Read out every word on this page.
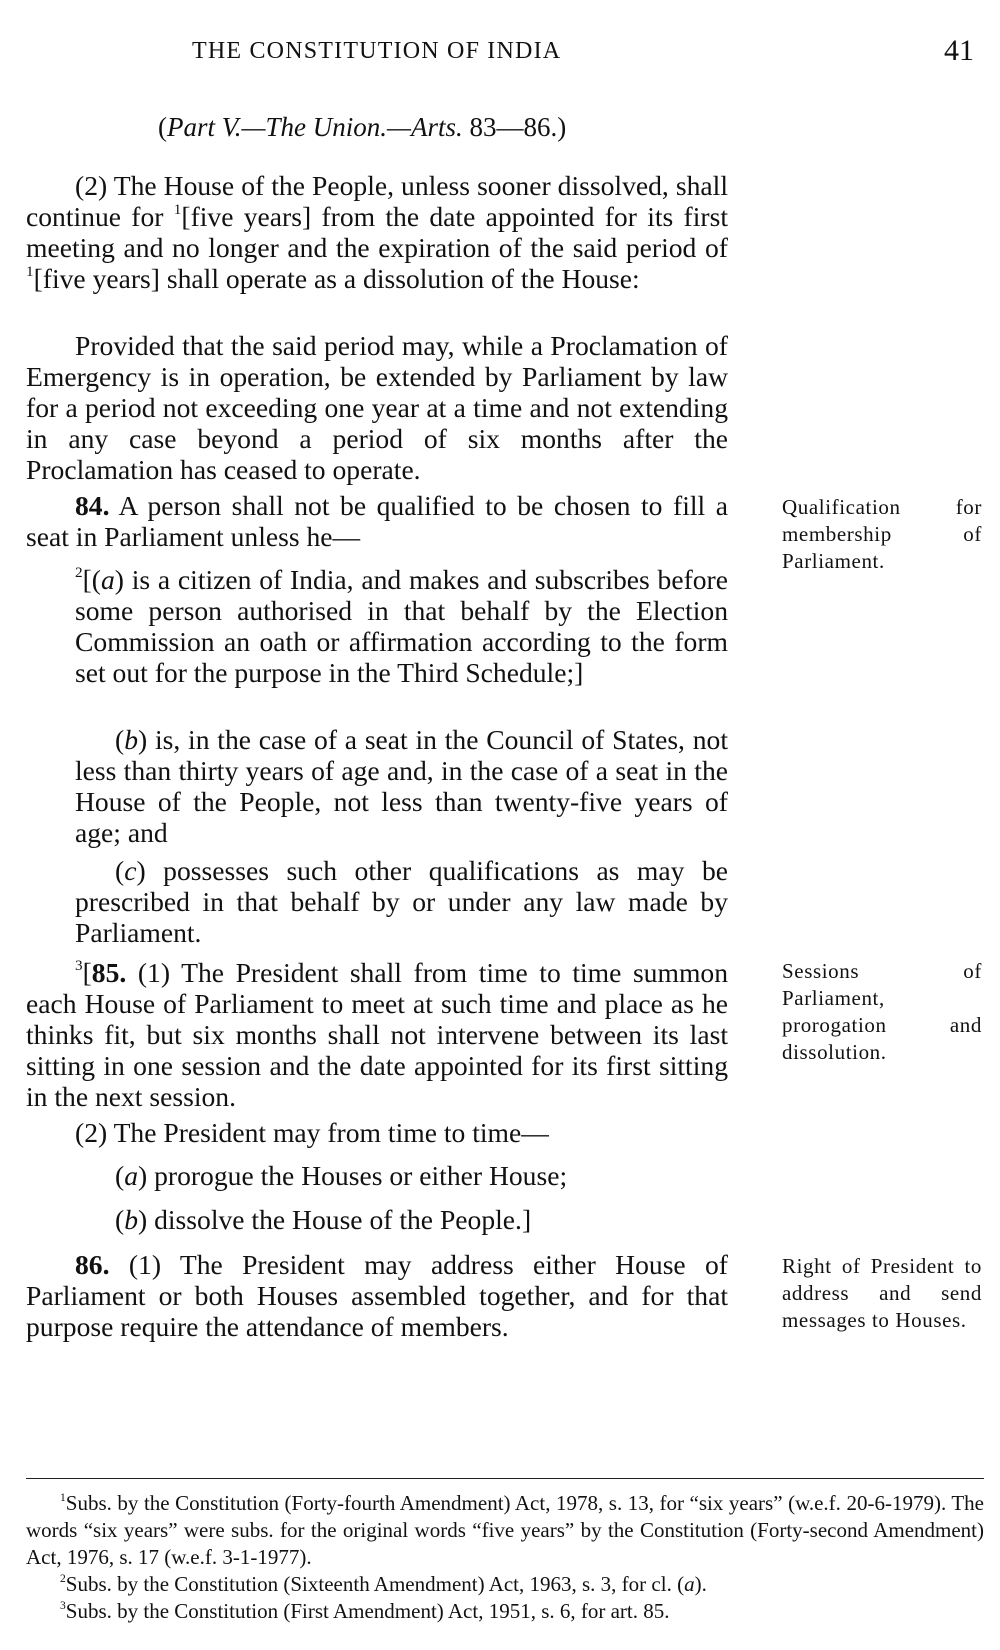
THE CONSTITUTION OF INDIA	41
(Part V.—The Union.—Arts. 83—86.)

(2) The House of the People, unless sooner dissolved, shall continue for $^1$[five years] from the date appointed for its first meeting and no longer and the expiration of the said period of $^1$[five years] shall operate as a dissolution of the House:

Provided that the said period may, while a Proclamation of Emergency is in operation, be extended by Parliament by law for a period not exceeding one year at a time and not extending in any case beyond a period of six months after the Proclamation has ceased to operate.

84. A person shall not be qualified to be chosen to fill a seat in Parliament unless he—

Qualification for membership of Parliament.

$^2$[(a) is a citizen of India, and makes and subscribes before some person authorised in that behalf by the Election Commission an oath or affirmation according to the form set out for the purpose in the Third Schedule;]

(b) is, in the case of a seat in the Council of States, not less than thirty years of age and, in the case of a seat in the House of the People, not less than twenty-five years of age; and

(c) possesses such other qualifications as may be prescribed in that behalf by or under any law made by Parliament.

$^3$[85. (1) The President shall from time to time summon each House of Parliament to meet at such time and place as he thinks fit, but six months shall not intervene between its last sitting in one session and the date appointed for its first sitting in the next session.

Sessions of Parliament, prorogation and dissolution.

(2) The President may from time to time—

(a) prorogue the Houses or either House;

(b) dissolve the House of the People.]

86. (1) The President may address either House of Parliament or both Houses assembled together, and for that purpose require the attendance of members.

Right of President to address and send messages to Houses.

$^1$Subs. by the Constitution (Forty-fourth Amendment) Act, 1978, s. 13, for “six years” (w.e.f. 20-6-1979). The words “six years” were subs. for the original words “five years” by the Constitution (Forty-second Amendment) Act, 1976, s. 17 (w.e.f. 3-1-1977).

$^2$Subs. by the Constitution (Sixteenth Amendment) Act, 1963, s. 3, for cl. (a).

$^3$Subs. by the Constitution (First Amendment) Act, 1951, s. 6, for art. 85.
